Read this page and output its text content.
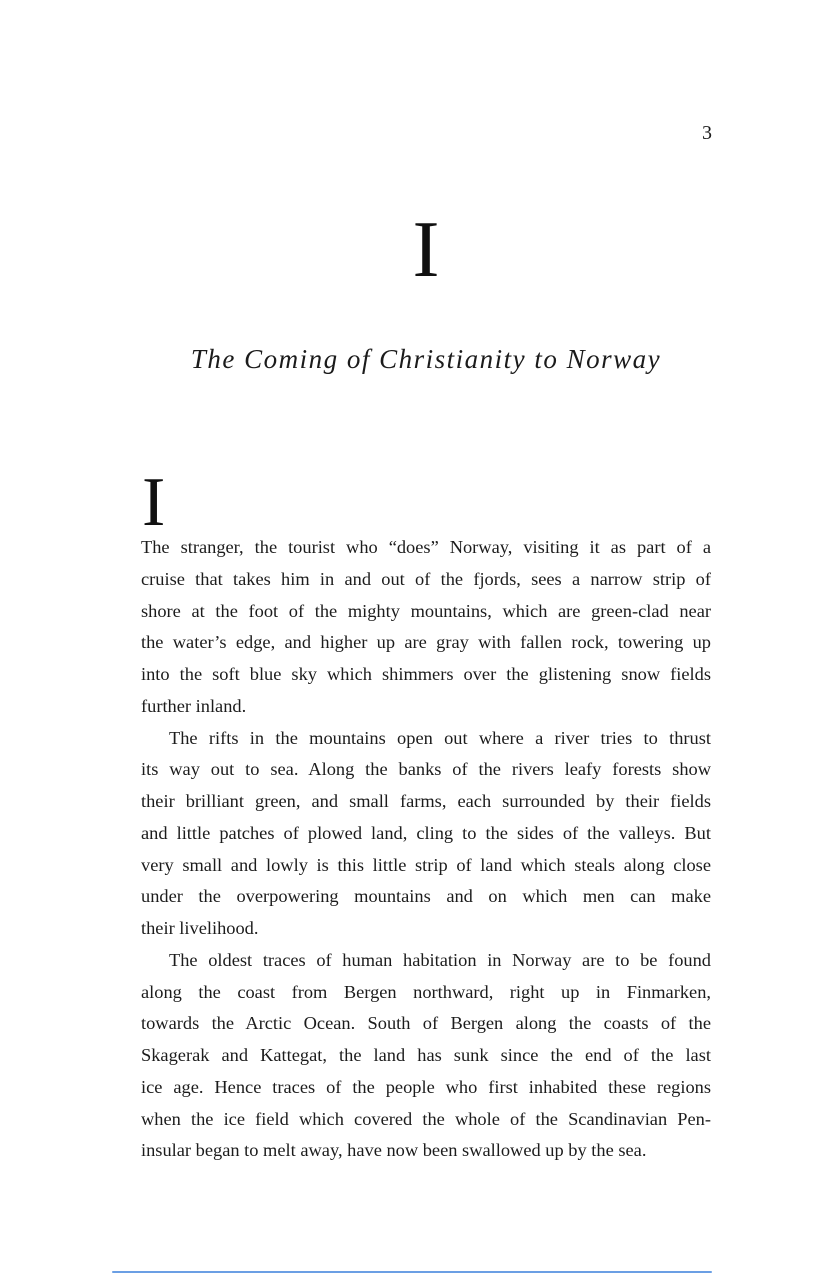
3
I
The Coming of Christianity to Norway
I
The stranger, the tourist who “does” Norway, visiting it as part of a
cruise that takes him in and out of the fjords, sees a narrow strip of
shore at the foot of the mighty mountains, which are green-clad near
the water’s edge, and higher up are gray with fallen rock, towering up
into the soft blue sky which shimmers over the glistening snow fields
further inland.
The rifts in the mountains open out where a river tries to thrust
its way out to sea. Along the banks of the rivers leafy forests show
their brilliant green, and small farms, each surrounded by their fields
and little patches of plowed land, cling to the sides of the valleys. But
very small and lowly is this little strip of land which steals along close
under the overpowering mountains and on which men can make
their livelihood.
The oldest traces of human habitation in Norway are to be found
along the coast from Bergen northward, right up in Finmarken,
towards the Arctic Ocean. South of Bergen along the coasts of the
Skagerak and Kattegat, the land has sunk since the end of the last
ice age. Hence traces of the people who first inhabited these regions
when the ice field which covered the whole of the Scandinavian Pen-
insular began to melt away, have now been swallowed up by the sea.
